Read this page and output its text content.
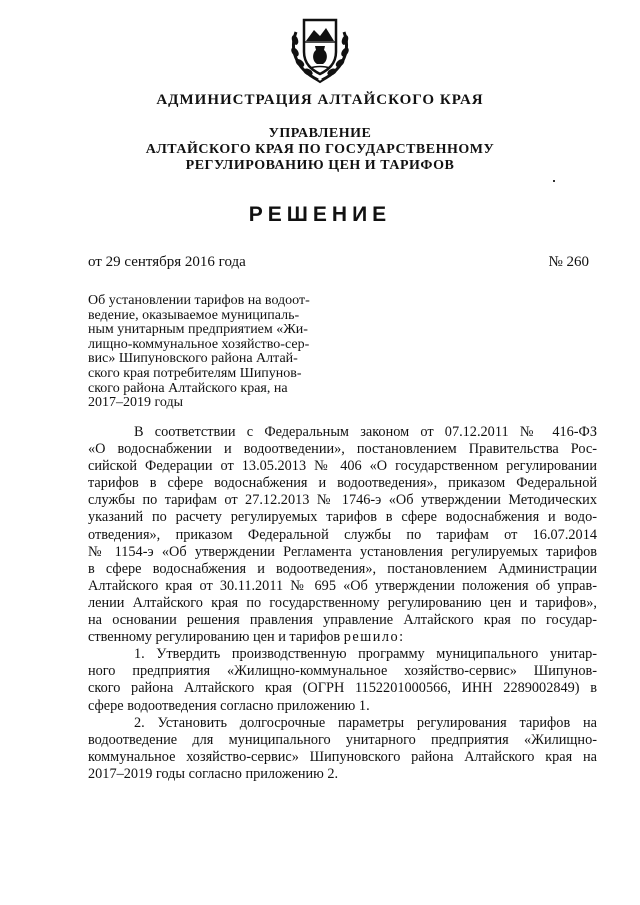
АДМИНИСТРАЦИЯ АЛТАЙСКОГО КРАЯ
УПРАВЛЕНИЕ
АЛТАЙСКОГО КРАЯ ПО ГОСУДАРСТВЕННОМУ
РЕГУЛИРОВАНИЮ ЦЕН И ТАРИФОВ
РЕШЕНИЕ
от 29 сентября 2016 года	№ 260
Об установлении тарифов на водоот-
ведение, оказываемое муниципаль-
ным унитарным предприятием «Жи-
лищно-коммунальное хозяйство-сер-
вис» Шипуновского района Алтай-
ского края потребителям Шипунов-
ского района Алтайского края, на
2017–2019 годы
В соответствии с Федеральным законом от 07.12.2011 № 416-ФЗ
«О водоснабжении и водоотведении», постановлением Правительства Рос-
сийской Федерации от 13.05.2013 № 406 «О государственном регулировании
тарифов в сфере водоснабжения и водоотведения», приказом Федеральной
службы по тарифам от 27.12.2013 № 1746-э «Об утверждении Методических
указаний по расчету регулируемых тарифов в сфере водоснабжения и водо-
отведения», приказом Федеральной службы по тарифам от 16.07.2014
№ 1154-э «Об утверждении Регламента установления регулируемых тарифов
в сфере водоснабжения и водоотведения», постановлением Администрации
Алтайского края от 30.11.2011 № 695 «Об утверждении положения об управ-
лении Алтайского края по государственному регулированию цен и тарифов»,
на основании решения правления управление Алтайского края по государ-
ственному регулированию цен и тарифов решило:
1. Утвердить производственную программу муниципального унитар-
ного предприятия «Жилищно-коммунальное хозяйство-сервис» Шипунов-
ского района Алтайского края (ОГРН 1152201000566, ИНН 2289002849) в
сфере водоотведения согласно приложению 1.
2. Установить долгосрочные параметры регулирования тарифов на
водоотведение для муниципального унитарного предприятия «Жилищно-
коммунальное хозяйство-сервис» Шипуновского района Алтайского края на
2017–2019 годы согласно приложению 2.
